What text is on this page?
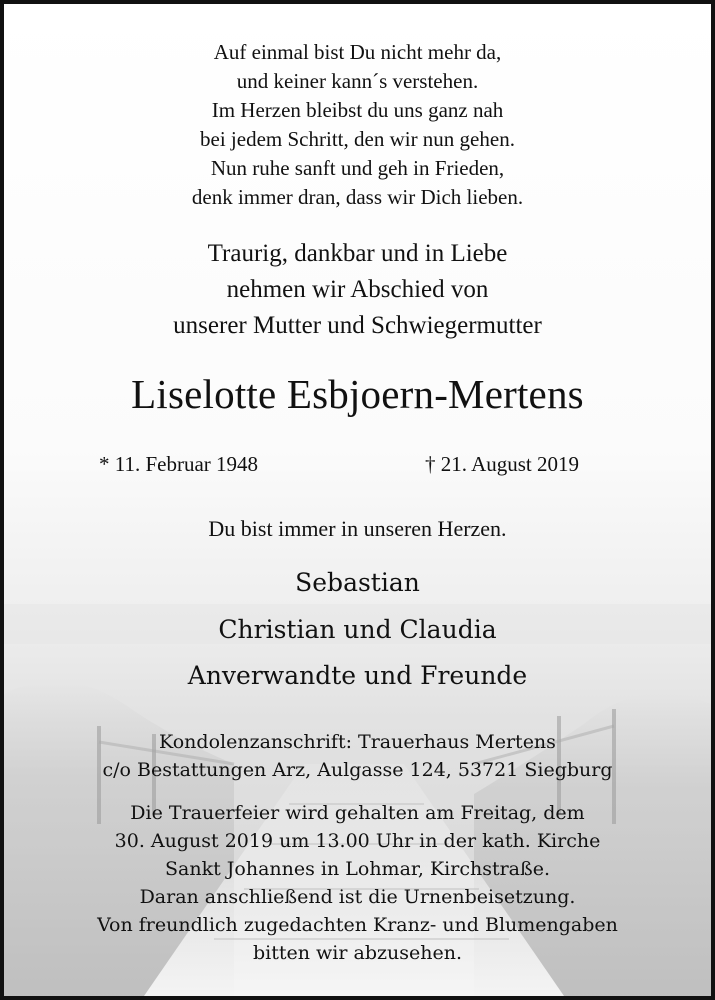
Auf einmal bist Du nicht mehr da,
und keiner kann´s verstehen.
Im Herzen bleibst du uns ganz nah
bei jedem Schritt, den wir nun gehen.
Nun ruhe sanft und geh in Frieden,
denk immer dran, dass wir Dich lieben.
Traurig, dankbar und in Liebe
nehmen wir Abschied von
unserer Mutter und Schwiegermutter
Liselotte Esbjoern-Mertens
* 11. Februar 1948	† 21. August 2019
Du bist immer in unseren Herzen.
Sebastian
Christian und Claudia
Anverwandte und Freunde
Kondolenzanschrift: Trauerhaus Mertens
c/o Bestattungen Arz, Aulgasse 124, 53721 Siegburg
Die Trauerfeier wird gehalten am Freitag, dem
30. August 2019 um 13.00 Uhr in der kath. Kirche
Sankt Johannes in Lohmar, Kirchstraße.
Daran anschließend ist die Urnenbeisetzung.
Von freundlich zugedachten Kranz- und Blumengaben
bitten wir abzusehen.
